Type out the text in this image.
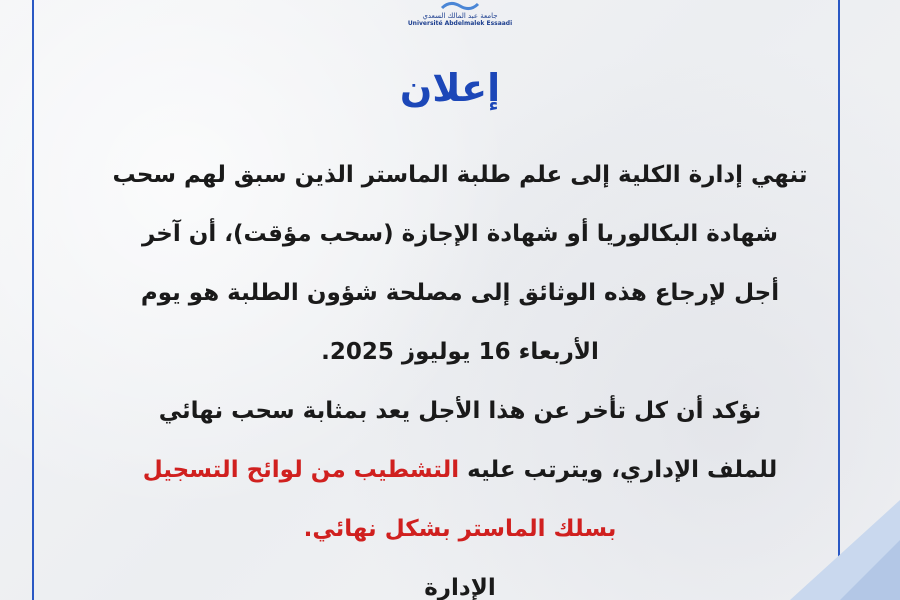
جامعة عبد المالك السعدي
Université Abdelmalek Essaadi
إعلان
تنهي إدارة الكلية إلى علم طلبة الماستر الذين سبق لهم سحب
شهادة البكالوريا أو شهادة الإجازة (سحب مؤقت)، أن آخر
أجل لإرجاع هذه الوثائق إلى مصلحة شؤون الطلبة هو يوم
الأربعاء 16 يوليوز 2025.
نؤكد أن كل تأخر عن هذا الأجل يعد بمثابة سحب نهائي
للملف الإداري، ويترتب عليه التشطيب من لوائح التسجيل
بسلك الماستر بشكل نهائي.
الإدارة
